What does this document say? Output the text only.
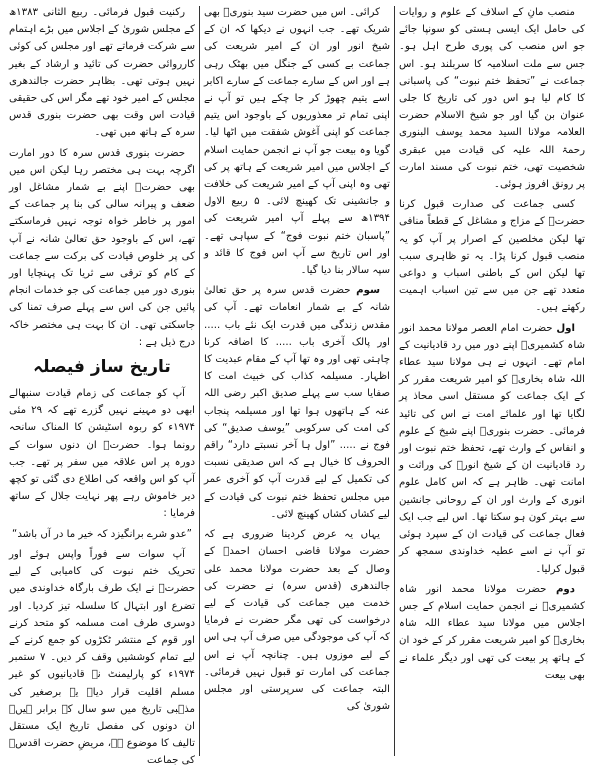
منصب مانِ کے اسلاف کے علوم و روایات کی حامل ایک ایسی ہستی کو سونپا جائے جو اس منصب کی پوری طرح اہل ہو۔ جس سے ملت اسلامیہ کا سربلند ہو۔ اس جماعت نے ”تحفظ ختم نبوت“ کی پاسبانی کا کام لیا ہو اس دور کی تاریخ کا جلی عنوان بن گیا اور جو شیخ الاسلام حضرت العلامہ مولانا السید محمد یوسف البنوری رحمۃ اللہ علیہ کی قیادت میں عبقری شخصیت تھی، ختم نبوت کی مسند امارت پر رونق افروز ہوئی۔

کسی جماعت کی صدارت قبول کرنا حضرتؒ کے مزاج و مشاغل کے قطعاً منافی تھا لیکن مخلصین کے اصرار پر آپ کو یہ منصب قبول کرنا پڑا۔ یہ تو ظاہری سبب تھا لیکن اس کے باطنی اسباب و دواعی متعدد تھے جن میں سے تین اسباب اہمیت رکھتے ہیں۔

اول حضرت امام العصر مولانا محمد انور شاہ کشمیریؒ اپنے دور میں رد قادیانیت کے امام تھے۔ انہوں نے ہی مولانا سید عطاء اللہ شاہ بخاریؒ کو امیر شریعت مقرر کر کے ایک جماعت کو مستقل اسی محاذ پر لگایا تھا اور علمائے امت نے اس کی تائید فرمائی۔ حضرت بنوریؒ اپنے شیخ کے علوم و انفاس کے وارث تھے، تحفظ ختم نبوت اور رد قادیانیت ان کے شیخ انورؒ کی وراثت و امانت تھی۔ ظاہر ہے کہ اس کامل علوم انوری کے وارث اور ان کے روحانی جانشین سے بہتر کون ہو سکتا تھا۔ اس لیے جب ایک فعال جماعت کی قیادت ان کے سپرد ہوئی تو آپ نے اسے عطیہ خداوندی سمجھ کر قبول کرلیا۔

دوم حضرت مولانا محمد انور شاہ کشمیریؒ نے انجمن حمایت اسلام کے جس اجلاس میں مولانا سید عطاء اللہ شاہ بخاریؒ کو امیر شریعت مقرر کر کے خود ان کے ہاتھ پر بیعت کی تھی اور دیگر علماء نے بھی بیعت

کرائی۔ اس میں حضرت سید بنوریؒ بھی شریک تھے۔ جب انہوں نے دیکھا کہ ان کے شیخ انور اور ان کے امیر شریعت کی جماعت بے کسی کے جنگل میں بھٹک رہی ہے اور اس کے سارے جماعت کے سارے اکابر اسے یتیم چھوڑ کر جا چکے ہیں تو آپ نے اپنی تمام تر معذوریوں کے باوجود اس یتیم جماعت کو اپنی آغوش شفقت میں اٹھا لیا۔ گویا وہ بیعت جو آپ نے انجمن حمایت اسلام کے اجلاس میں امیر شریعت کے ہاتھ پر کی تھی وہ اپنی آپ کے امیر شریعت کی خلافت و جانشینی تک کھینچ لائی۔ ۵ ربیع الاول ۱۳۹۴ھ سے پہلے آپ امیر شریعت کی ”پاسبان ختم نبوت فوج“ کے سپاہی تھے۔ اور اس تاریخ سے آپ اس فوج کا قائد و سپہ سالار بنا دیا گیا۔

سوم حضرت قدس سرہ پر حق تعالیٰ شانہ کے بے شمار انعامات تھے۔ آپ کی مقدس زندگی میں قدرت ایک نئے باب ..... اور پالک آخری باب ..... کا اضافہ کرنا چاہتی تھی اور وہ تھا آپ کے مقام عبدیت کا اظہار۔ مسیلمہ کذاب کی خبیث امت کا صفایا سب سے پہلے صدیق اکبر رضی اللہ عنہ کے ہاتھوں ہوا تھا اور مسیلمہ پنجاب کی امت کی سرکوبی ”یوسف صدیق“ کی فوج نے ..... ”اول ہا آخر نسبتے دارد“ راقم الحروف کا خیال ہے کہ اس صدیقی نسبت کی تکمیل کے لیے قدرت آپ کو آخری عمر میں مجلس تحفظ ختم نبوت کی قیادت کے لیے کشاں کشاں کھینچ لائی۔

یہاں یہ عرض کردینا ضروری ہے کہ حضرت مولانا قاضی احسان احمدؒ کے وصال کے بعد حضرت مولانا محمد علی جالندھری (قدس سرہ) نے حضرت کی خدمت میں جماعت کی قیادت کے لیے درخواست کی تھی مگر حضرت نے فرمایا کہ آپ کی موجودگی میں صرف آپ ہی اس کے لیے موزوں ہیں۔ چنانچہ آپ نے اس جماعت کی امارت تو قبول نہیں فرمائی۔ البتہ جماعت کی سرپرستی اور مجلس شوریٰ کی

رکنیت قبول فرمائی۔ ربیع الثانی ۱۳۸۳ھ کے مجلس شوریٰ کے اجلاس میں بڑے اہتمام سے شرکت فرماتے تھے اور مجلس کی کوئی کارروائی حضرت کی تائید و ارشاد کے بغیر نہیں ہوتی تھی۔ بظاہر حضرت جالندھری مجلس کے امیر خود تھے مگر اس کی حقیقی قیادت اس وقت بھی حضرت بنوری قدس سرہ کے ہاتھ میں تھی۔

حضرت بنوری قدس سرہ کا دور امارت اگرچہ بہت ہی مختصر رہا لیکن اس میں بھی حضرتؒ اپنے بے شمار مشاغل اور ضعف و پیرانہ سالی کی بنا پر جماعت کے امور پر خاطر خواہ توجہ نہیں فرماسکتے تھے، اس کے باوجود حق تعالیٰ شانہ نے آپ کی پر خلوص قیادت کی برکت سے جماعت کے کام کو ترقی سے ثریا تک پہنچایا اور بنوری دور میں جماعت کی جو خدمات انجام پائیں جن کی اس سے پہلے صرف تمنا کی جاسکتی تھی۔ ان کا بہت ہی مختصر خاکہ درج ذیل ہے :

تاریخ ساز فیصلہ

آپ کو جماعت کی زمام قیادت سنبھالے ابھی دو مہینے نہیں گزرے تھے کہ ۲۹ مئی ۱۹۷۴ء کو ربوہ اسٹیشن کا المناک سانحہ رونما ہوا۔ حضرتؒ ان دنوں سوات کے دورہ پر اس علاقہ میں سفر پر تھے۔ جب آپ کو اس واقعہ کی اطلاع دی گئی تو کچھ دیر خاموش رہے پھر نہایت جلال کے ساتھ فرمایا :

”عدو شرے برانگیزد کہ خیر ما در آں باشد“

آپ سوات سے فوراً واپس ہوئے اور تحریک ختم نبوت کی کامیابی کے لیے حضرتؒ نے ایک طرف بارگاہ خداوندی میں تضرع اور ابتہال کا سلسلہ تیز کردیا۔ اور دوسری طرف امت مسلمہ کو متحد کرنے اور قوم کے منتشر ٹکڑوں کو جمع کرنے کے لیے تمام کوششیں وقف کر دیں۔ ۷ ستمبر ۱۹۷۴ء کو پارلیمنٹ نے قادیانیوں کو غیر مسلم اقلیت قرار دیا۔ یہ برصغیر کی مذہبی تاریخ میں سو سال کے برابر ہیں۔ ان دونوں کی مفصل تاریخ ایک مستقل تالیف کا موضوع ہے، مریضِ حضرت اقدسؒ کی جماعت
